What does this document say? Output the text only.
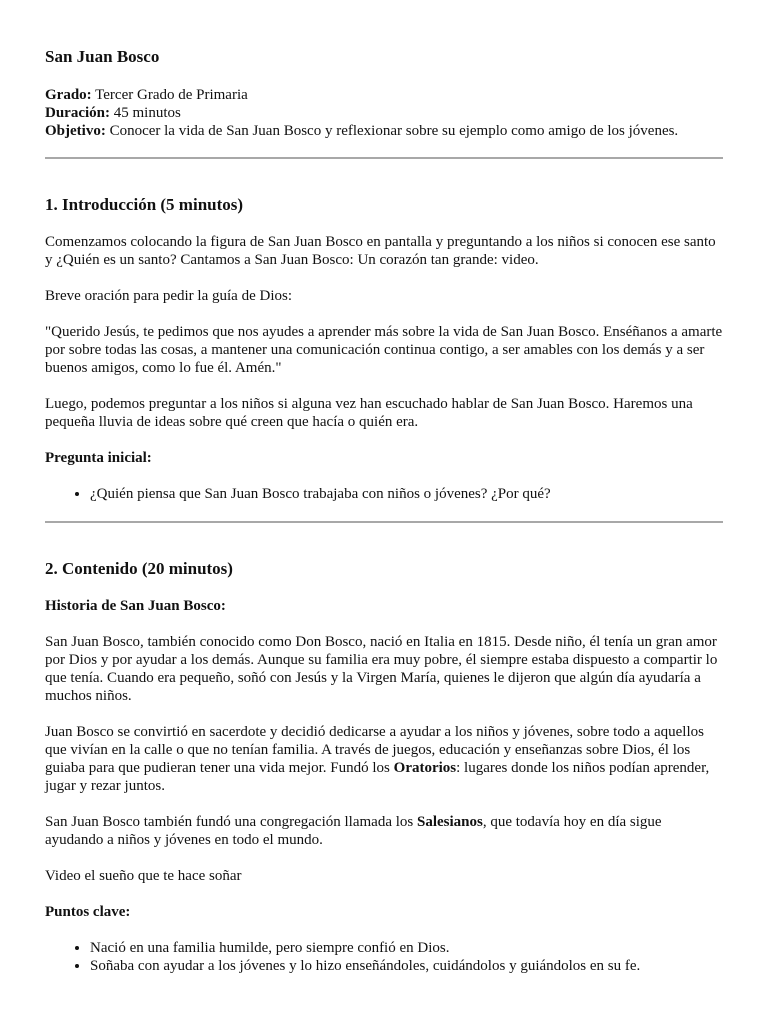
San Juan Bosco

Grado: Tercer Grado de Primaria

Duración: 45 minutos

Objetivo: Conocer la vida de San Juan Bosco y reflexionar sobre su ejemplo como amigo de los jóvenes.

1. Introducción (5 minutos)

Comenzamos colocando la figura de San Juan Bosco en pantalla y preguntando a los niños si conocen ese santo y ¿Quién es un santo? Cantamos a San Juan Bosco: Un corazón tan grande: video.

Breve oración para pedir la guía de Dios:

"Querido Jesús, te pedimos que nos ayudes a aprender más sobre la vida de San Juan Bosco. Enséñanos a amarte por sobre todas las cosas, a mantener una comunicación continua contigo, a ser amables con los demás y a ser buenos amigos, como lo fue él. Amén."

Luego, podemos preguntar a los niños si alguna vez han escuchado hablar de San Juan Bosco. Haremos una pequeña lluvia de ideas sobre qué creen que hacía o quién era.

Pregunta inicial:

• ¿Quién piensa que San Juan Bosco trabajaba con niños o jóvenes? ¿Por qué?
2. Contenido (20 minutos)

Historia de San Juan Bosco:

San Juan Bosco, también conocido como Don Bosco, nació en Italia en 1815. Desde niño, él tenía un gran amor por Dios y por ayudar a los demás. Aunque su familia era muy pobre, él siempre estaba dispuesto a compartir lo que tenía. Cuando era pequeño, soñó con Jesús y la Virgen María, quienes le dijeron que algún día ayudaría a muchos niños.

Juan Bosco se convirtió en sacerdote y decidió dedicarse a ayudar a los niños y jóvenes, sobre todo a aquellos que vivían en la calle o que no tenían familia. A través de juegos, educación y enseñanzas sobre Dios, él los guiaba para que pudieran tener una vida mejor. Fundó los Oratorios: lugares donde los niños podían aprender, jugar y rezar juntos.

San Juan Bosco también fundó una congregación llamada los Salesianos, que todavía hoy en día sigue ayudando a niños y jóvenes en todo el mundo.

Video el sueño que te hace soñar

Puntos clave:

• Nació en una familia humilde, pero siempre confió en Dios.
• Soñaba con ayudar a los jóvenes y lo hizo enseñándoles, cuidándolos y guiándolos en su fe.
